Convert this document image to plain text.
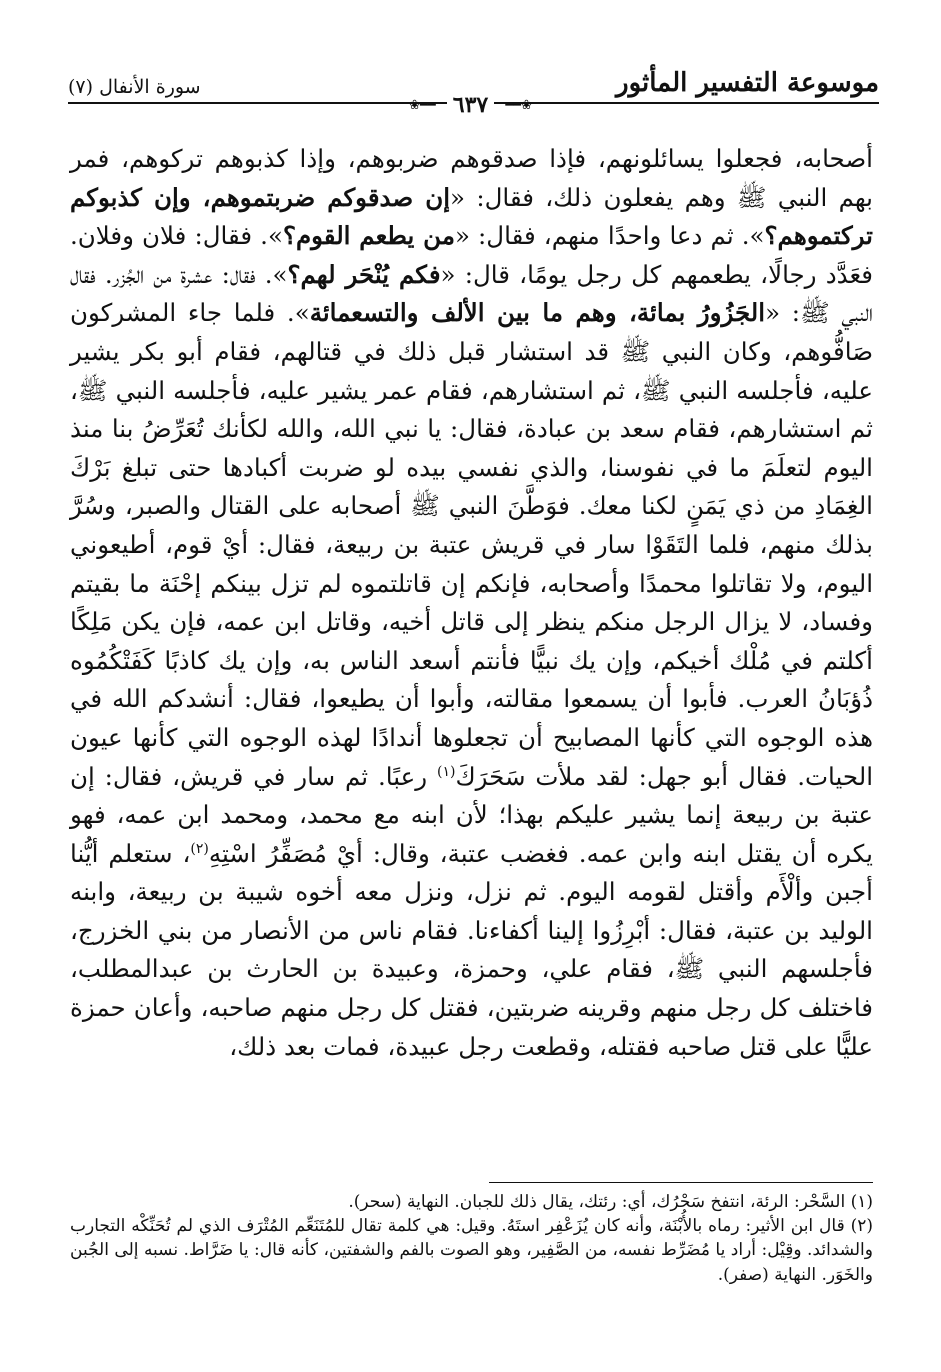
موسوعة التفسير المأثور
سورة الأنفال (٧)
❀━━ ٦٣٧ ━━❀
أصحابه، فجعلوا يسائلونهم، فإذا صدقوهم ضربوهم، وإذا كذبوهم تركوهم، فمر بهم النبي ﷺ وهم يفعلون ذلك، فقال: «إن صدقوكم ضربتموهم، وإن كذبوكم تركتموهم؟». ثم دعا واحدًا منهم، فقال: «من يطعم القوم؟». فقال: فلان وفلان. فعَدَّد رجالًا، يطعمهم كل رجل يومًا، قال: «فكم يُنْحَر لهم؟». فقال: عشرة من الجُزر. فقال النبي ﷺ: «الجَزُورُ بمائة، وهم ما بين الألف والتسعمائة». فلما جاء المشركون صَافُّوهم، وكان النبي ﷺ قد استشار قبل ذلك في قتالهم، فقام أبو بكر يشير عليه، فأجلسه النبي ﷺ، ثم استشارهم، فقام عمر يشير عليه، فأجلسه النبي ﷺ، ثم استشارهم، فقام سعد بن عبادة، فقال: يا نبي الله، والله لكأنك تُعَرِّضُ بنا منذ اليوم لتعلَمَ ما في نفوسنا، والذي نفسي بيده لو ضربت أكبادها حتى تبلغ بَرْكَ الغِمَادِ من ذي يَمَنٍ لكنا معك. فوَطَّنَ النبي ﷺ أصحابه على القتال والصبر، وسُرَّ بذلك منهم، فلما التَقَوْا سار في قريش عتبة بن ربيعة، فقال: أيْ قوم، أطيعوني اليوم، ولا تقاتلوا محمدًا وأصحابه، فإنكم إن قاتلتموه لم تزل بينكم إحْنَة ما بقيتم وفساد، لا يزال الرجل منكم ينظر إلى قاتل أخيه، وقاتل ابن عمه، فإن يكن مَلِكًا أكلتم في مُلْك أخيكم، وإن يك نبيًّا فأنتم أسعد الناس به، وإن يك كاذبًا كَفَتْكُمُوه ذُؤبَانُ العرب. فأبوا أن يسمعوا مقالته، وأبوا أن يطيعوا، فقال: أنشدكم الله في هذه الوجوه التي كأنها المصابيح أن تجعلوها أندادًا لهذه الوجوه التي كأنها عيون الحيات. فقال أبو جهل: لقد ملأت سَحَرَكَ$^{(١)}$ رعبًا. ثم سار في قريش، فقال: إن عتبة بن ربيعة إنما يشير عليكم بهذا؛ لأن ابنه مع محمد، ومحمد ابن عمه، فهو يكره أن يقتل ابنه وابن عمه. فغضب عتبة، وقال: أيْ مُصَفِّرُ اسْتِهِ$^{(٢)}$، ستعلم أيُّنا أجبن وألْأَم وأقتل لقومه اليوم. ثم نزل، ونزل معه أخوه شيبة بن ربيعة، وابنه الوليد بن عتبة، فقال: أبْرِزُوا إلينا أكفاءنا. فقام ناس من الأنصار من بني الخزرج، فأجلسهم النبي ﷺ، فقام علي، وحمزة، وعبيدة بن الحارث بن عبدالمطلب، فاختلف كل رجل منهم وقرينه ضربتين، فقتل كل رجل منهم صاحبه، وأعان حمزة عليًّا على قتل صاحبه فقتله، وقطعت رجل عبيدة، فمات بعد ذلك،

(١) السَّحْر: الرئة، انتفخ سَحْرُك، أي: رئتك، يقال ذلك للجبان. النهاية (سحر).

(٢) قال ابن الأثير: رماه بالأُبْنَة، وأنه كان يُزَعْفِر استَهُ. وقيل: هي كلمة تقال للمُتَنَعِّم المُتْرَف الذي لم تُحَنِّكْه التجارب والشدائد. وقِيْل: أراد يا مُضَرِّط نفسه، من الصَّفِير، وهو الصوت بالفم والشفتين، كأنه قال: يا ضَرَّاط. نسبه إلى الجُبن والخَوَر. النهاية (صفر).
